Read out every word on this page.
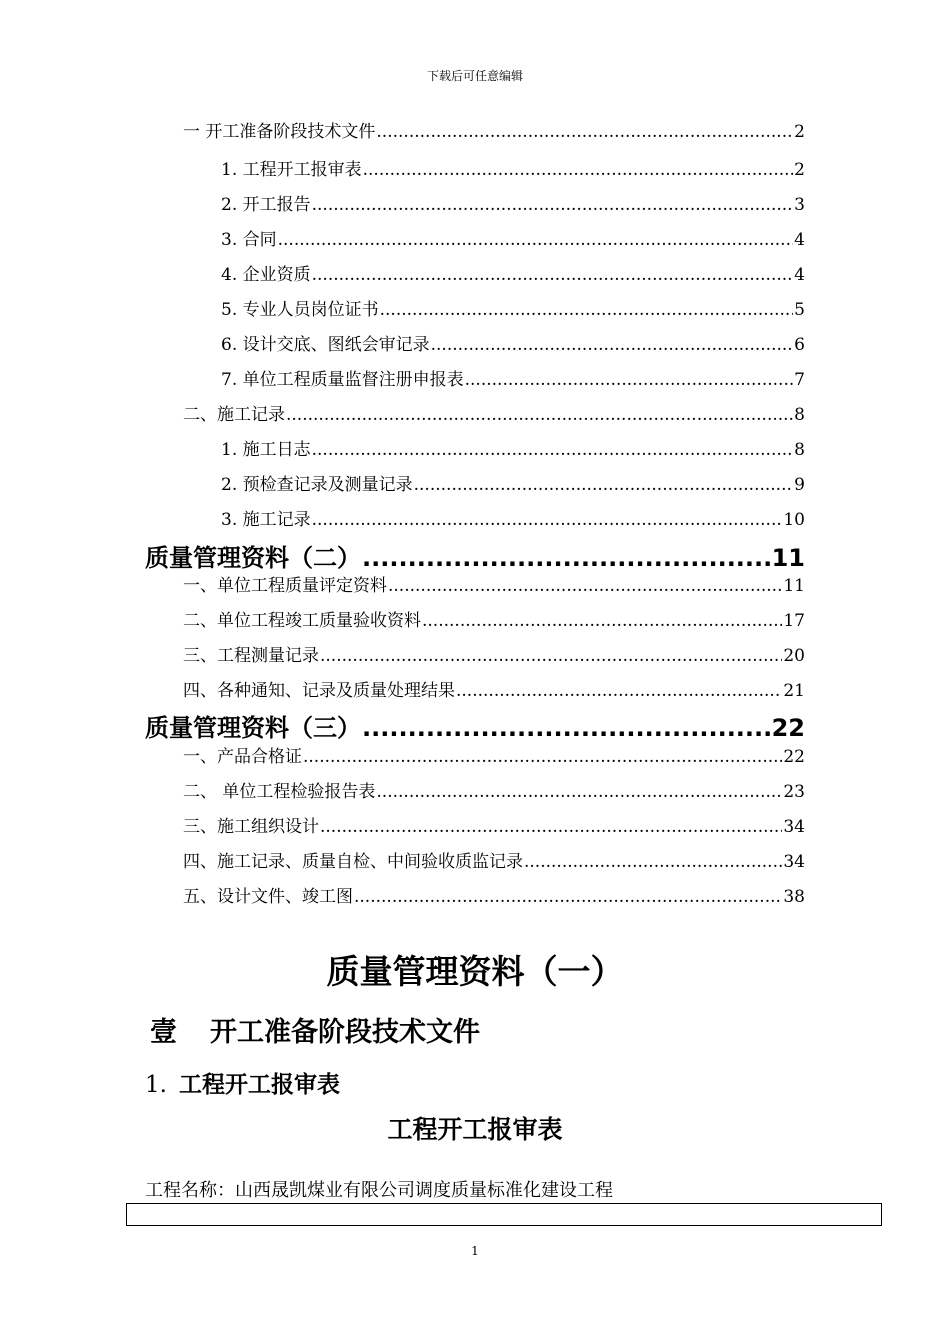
下载后可任意编辑
一 开工准备阶段技术文件 .....	2
1. 工程开工报审表 .....	2
2. 开工报告 .....	3
3. 合同 .....	4
4. 企业资质 .....	4
5. 专业人员岗位证书 .....	5
6. 设计交底、图纸会审记录 .....	6
7. 单位工程质量监督注册申报表 .....	7
二、施工记录 .....	8
1. 施工日志 .....	8
2. 预检查记录及测量记录 .....	9
3. 施工记录 .....	10
质量管理资料（二） .....	11
一、单位工程质量评定资料 .....	11
二、单位工程竣工质量验收资料 .....	17
三、工程测量记录 .....	20
四、各种通知、记录及质量处理结果 .....	21
质量管理资料（三） .....	22
一、产品合格证 .....	22
二、 单位工程检验报告表 .....	23
三、施工组织设计 .....	34
四、施工记录、质量自检、中间验收质监记录 .....	34
五、设计文件、竣工图 .....	38
质量管理资料（一）
壹 开工准备阶段技术文件
1. 工程开工报审表
工程开工报审表
工程名称：山西晟凯煤业有限公司调度质量标准化建设工程
1
